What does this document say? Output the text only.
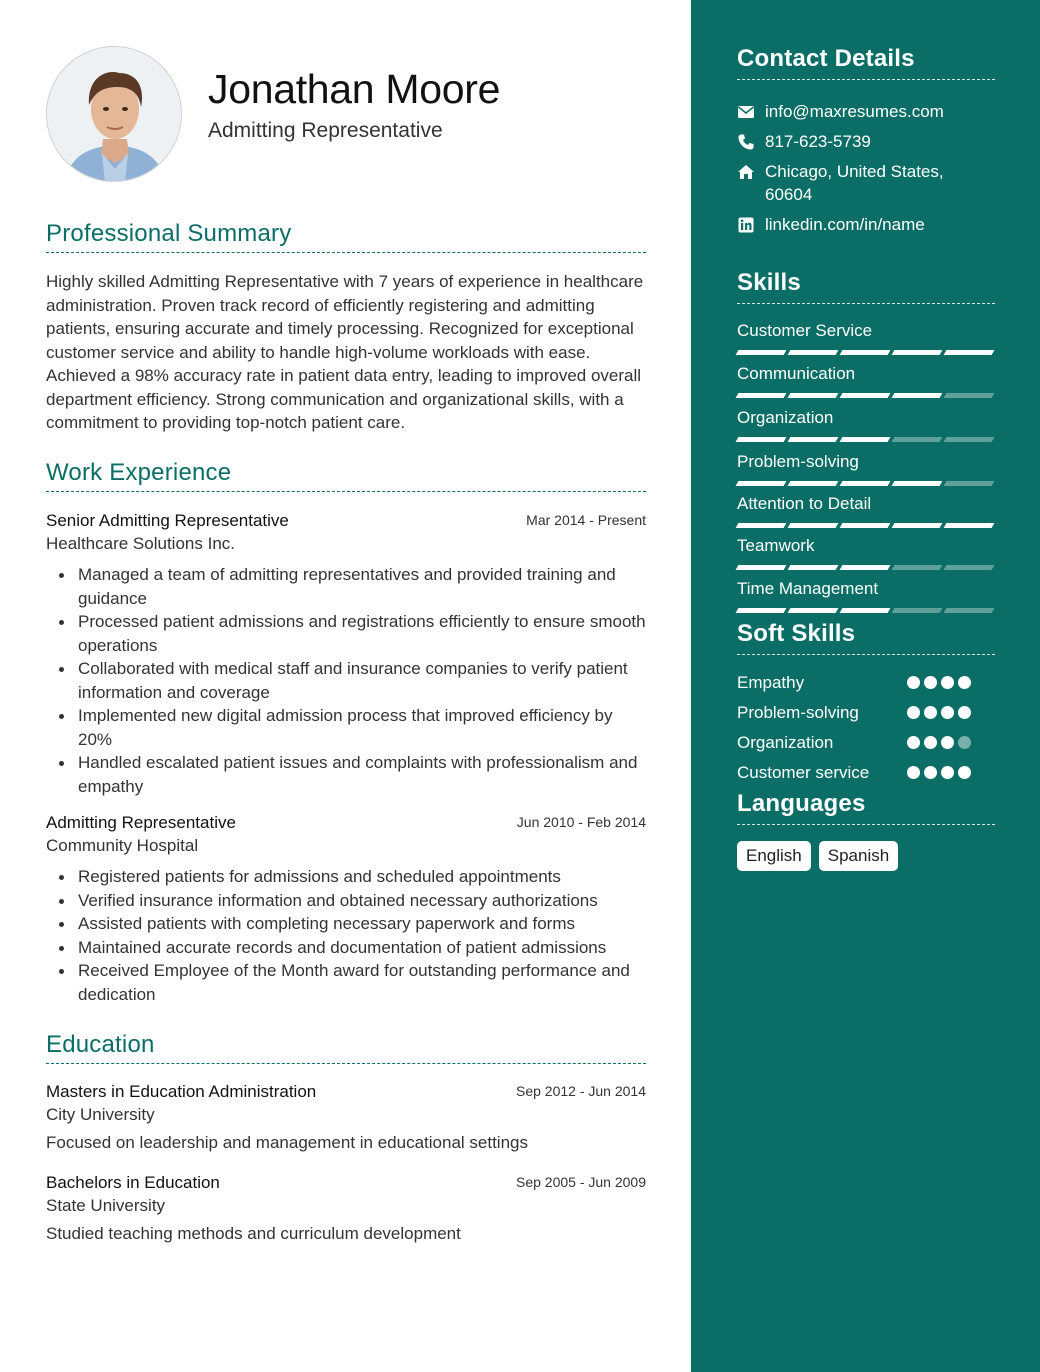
Jonathan Moore
Admitting Representative
Professional Summary
Highly skilled Admitting Representative with 7 years of experience in healthcare administration. Proven track record of efficiently registering and admitting patients, ensuring accurate and timely processing. Recognized for exceptional customer service and ability to handle high-volume workloads with ease. Achieved a 98% accuracy rate in patient data entry, leading to improved overall department efficiency. Strong communication and organizational skills, with a commitment to providing top-notch patient care.
Work Experience
Senior Admitting Representative	Mar 2014 - Present
Healthcare Solutions Inc.
Managed a team of admitting representatives and provided training and guidance
Processed patient admissions and registrations efficiently to ensure smooth operations
Collaborated with medical staff and insurance companies to verify patient information and coverage
Implemented new digital admission process that improved efficiency by 20%
Handled escalated patient issues and complaints with professionalism and empathy
Admitting Representative	Jun 2010 - Feb 2014
Community Hospital
Registered patients for admissions and scheduled appointments
Verified insurance information and obtained necessary authorizations
Assisted patients with completing necessary paperwork and forms
Maintained accurate records and documentation of patient admissions
Received Employee of the Month award for outstanding performance and dedication
Education
Masters in Education Administration	Sep 2012 - Jun 2014
City University
Focused on leadership and management in educational settings
Bachelors in Education	Sep 2005 - Jun 2009
State University
Studied teaching methods and curriculum development
Contact Details
info@maxresumes.com
817-623-5739
Chicago, United States, 60604
linkedin.com/in/name
Skills
Customer Service
Communication
Organization
Problem-solving
Attention to Detail
Teamwork
Time Management
Soft Skills
Empathy
Problem-solving
Organization
Customer service
Languages
English	Spanish
